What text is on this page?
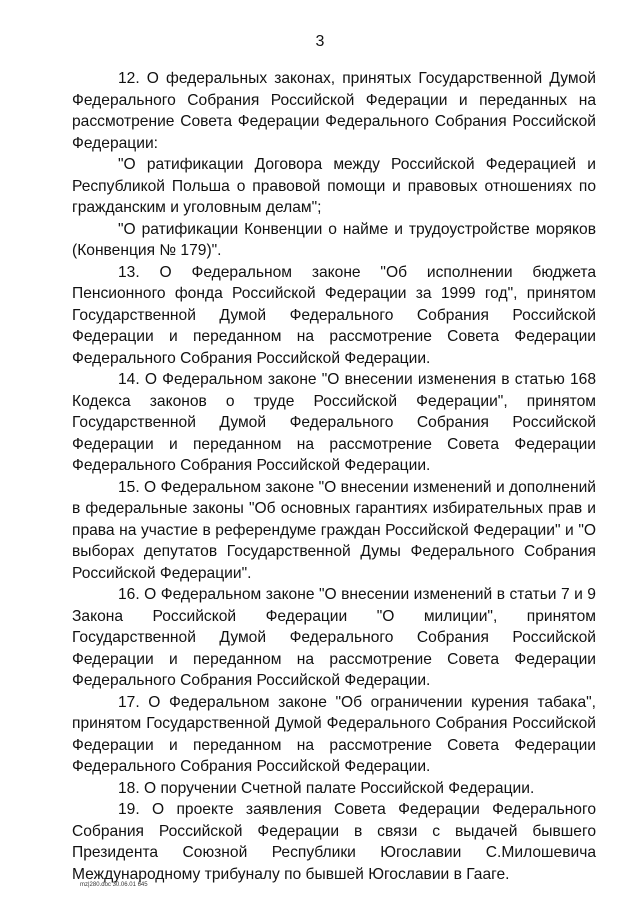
3

12. О федеральных законах, принятых Государственной Думой Федерального Собрания Российской Федерации и переданных на рассмотрение Совета Федерации Федерального Собрания Российской Федерации:

"О ратификации Договора между Российской Федерацией и Республикой Польша о правовой помощи и правовых отношениях по гражданским и уголовным делам";

"О ратификации Конвенции о найме и трудоустройстве моряков (Конвенция № 179)".

13. О Федеральном законе "Об исполнении бюджета Пенсионного фонда Российской Федерации за 1999 год", принятом Государственной Думой Федерального Собрания Российской Федерации и переданном на рассмотрение Совета Федерации Федерального Собрания Российской Федерации.

14. О Федеральном законе "О внесении изменения в статью 168 Кодекса законов о труде Российской Федерации", принятом Государственной Думой Федерального Собрания Российской Федерации и переданном на рассмотрение Совета Федерации Федерального Собрания Российской Федерации.

15. О Федеральном законе "О внесении изменений и дополнений в федеральные законы "Об основных гарантиях избирательных прав и права на участие в референдуме граждан Российской Федерации" и "О выборах депутатов Государственной Думы Федерального Собрания Российской Федерации".

16. О Федеральном законе "О внесении изменений в статьи 7 и 9 Закона Российской Федерации "О милиции", принятом Государственной Думой Федерального Собрания Российской Федерации и переданном на рассмотрение Совета Федерации Федерального Собрания Российской Федерации.

17. О Федеральном законе "Об ограничении курения табака", принятом Государственной Думой Федерального Собрания Российской Федерации и переданном на рассмотрение Совета Федерации Федерального Собрания Российской Федерации.

18. О поручении Счетной палате Российской Федерации.

19. О проекте заявления Совета Федерации Федерального Собрания Российской Федерации в связи с выдачей бывшего Президента Союзной Республики Югославии С.Милошевича Международному трибуналу по бывшей Югославии в Гааге.

mz|280.doc 30.06.01 645
